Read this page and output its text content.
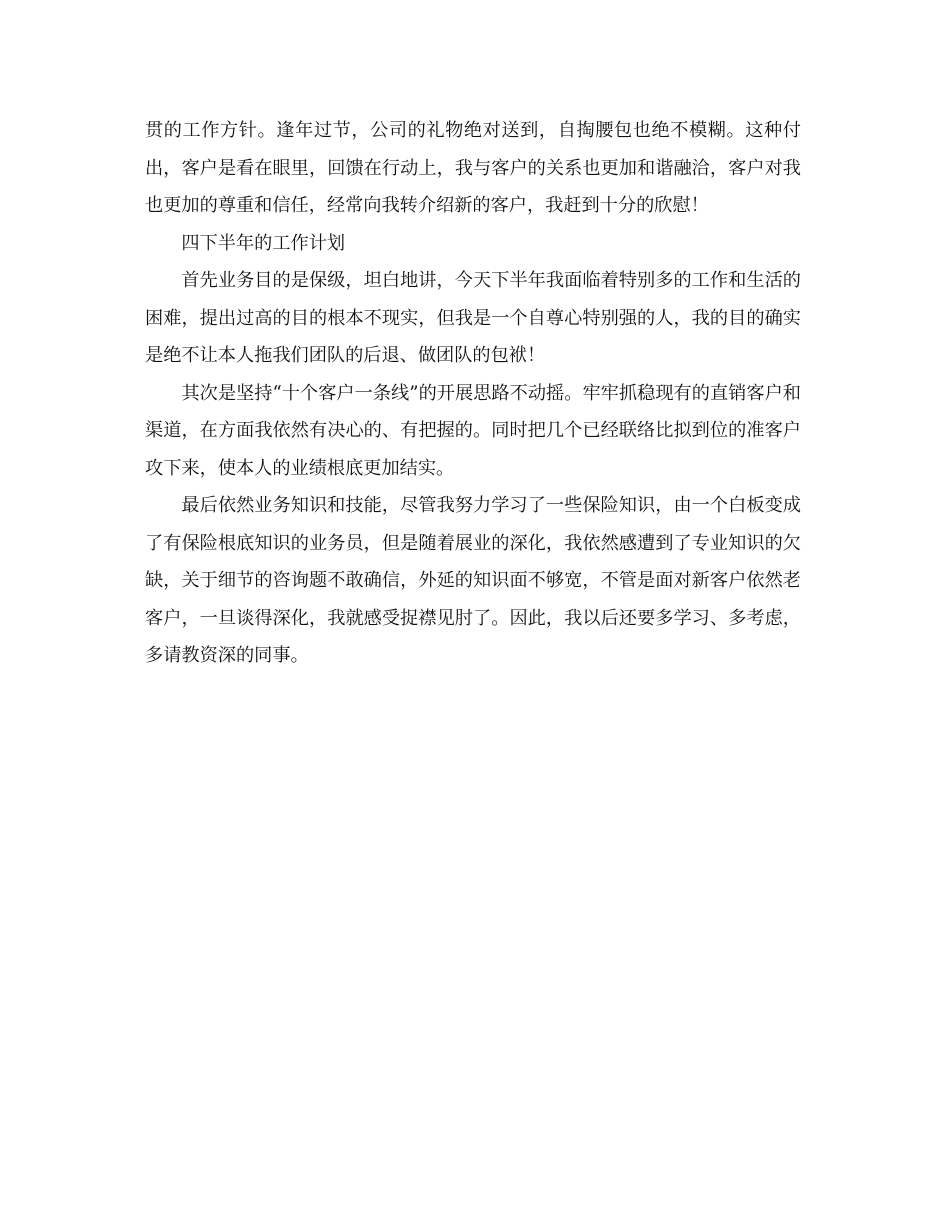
贯的工作方针。逢年过节，公司的礼物绝对送到，自掏腰包也绝不模糊。这种付出，客户是看在眼里，回馈在行动上，我与客户的关系也更加和谐融洽，客户对我也更加的尊重和信任，经常向我转介绍新的客户，我赶到十分的欣慰！

四下半年的工作计划

首先业务目的是保级，坦白地讲，今天下半年我面临着特别多的工作和生活的困难，提出过高的目的根本不现实，但我是一个自尊心特别强的人，我的目的确实是绝不让本人拖我们团队的后退、做团队的包袱！

其次是坚持“十个客户一条线”的开展思路不动摇。牢牢抓稳现有的直销客户和渠道，在方面我依然有决心的、有把握的。同时把几个已经联络比拟到位的准客户攻下来，使本人的业绩根底更加结实。

最后依然业务知识和技能，尽管我努力学习了一些保险知识，由一个白板变成了有保险根底知识的业务员，但是随着展业的深化，我依然感遭到了专业知识的欠缺，关于细节的咨询题不敢确信，外延的知识面不够宽，不管是面对新客户依然老客户，一旦谈得深化，我就感受捉襟见肘了。因此，我以后还要多学习、多考虑，多请教资深的同事。
